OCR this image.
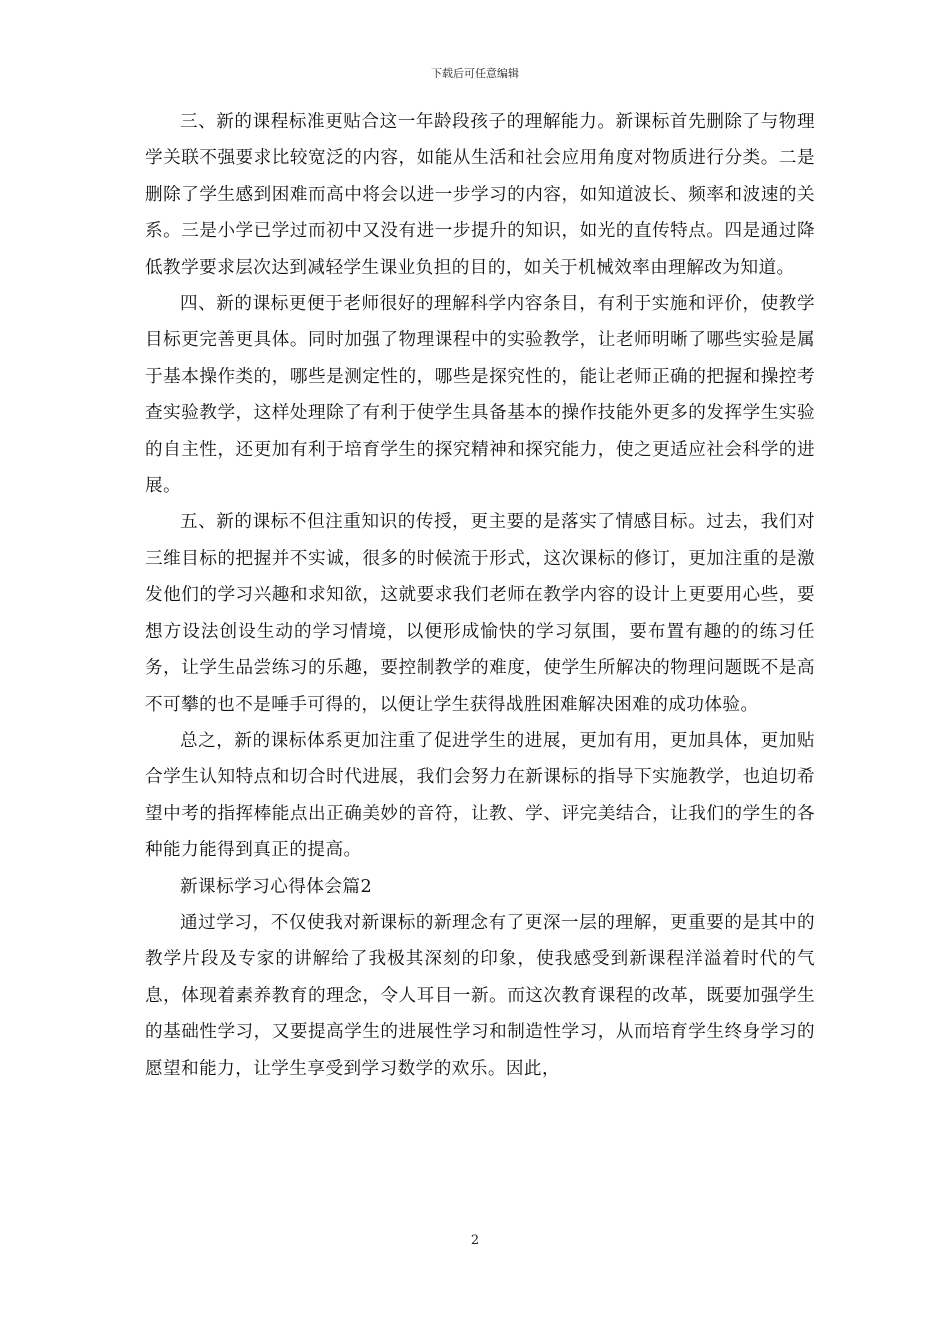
下载后可任意编辑

三、新的课程标准更贴合这一年龄段孩子的理解能力。新课标首先删除了与物理学关联不强要求比较宽泛的内容，如能从生活和社会应用角度对物质进行分类。二是删除了学生感到困难而高中将会以进一步学习的内容，如知道波长、频率和波速的关系。三是小学已学过而初中又没有进一步提升的知识，如光的直传特点。四是通过降低教学要求层次达到减轻学生课业负担的目的，如关于机械效率由理解改为知道。

四、新的课标更便于老师很好的理解科学内容条目，有利于实施和评价，使教学目标更完善更具体。同时加强了物理课程中的实验教学，让老师明晰了哪些实验是属于基本操作类的，哪些是测定性的，哪些是探究性的，能让老师正确的把握和操控考查实验教学，这样处理除了有利于使学生具备基本的操作技能外更多的发挥学生实验的自主性，还更加有利于培育学生的探究精神和探究能力，使之更适应社会科学的进展。

五、新的课标不但注重知识的传授，更主要的是落实了情感目标。过去，我们对三维目标的把握并不实诚，很多的时候流于形式，这次课标的修订，更加注重的是激发他们的学习兴趣和求知欲，这就要求我们老师在教学内容的设计上更要用心些，要想方设法创设生动的学习情境，以便形成愉快的学习氛围，要布置有趣的的练习任务，让学生品尝练习的乐趣，要控制教学的难度，使学生所解决的物理问题既不是高不可攀的也不是唾手可得的，以便让学生获得战胜困难解决困难的成功体验。

总之，新的课标体系更加注重了促进学生的进展，更加有用，更加具体，更加贴合学生认知特点和切合时代进展，我们会努力在新课标的指导下实施教学，也迫切希望中考的指挥棒能点出正确美妙的音符，让教、学、评完美结合，让我们的学生的各种能力能得到真正的提高。

新课标学习心得体会篇2

通过学习，不仅使我对新课标的新理念有了更深一层的理解，更重要的是其中的教学片段及专家的讲解给了我极其深刻的印象，使我感受到新课程洋溢着时代的气息，体现着素养教育的理念，令人耳目一新。而这次教育课程的改革，既要加强学生的基础性学习，又要提高学生的进展性学习和制造性学习，从而培育学生终身学习的愿望和能力，让学生享受到学习数学的欢乐。因此，

2
